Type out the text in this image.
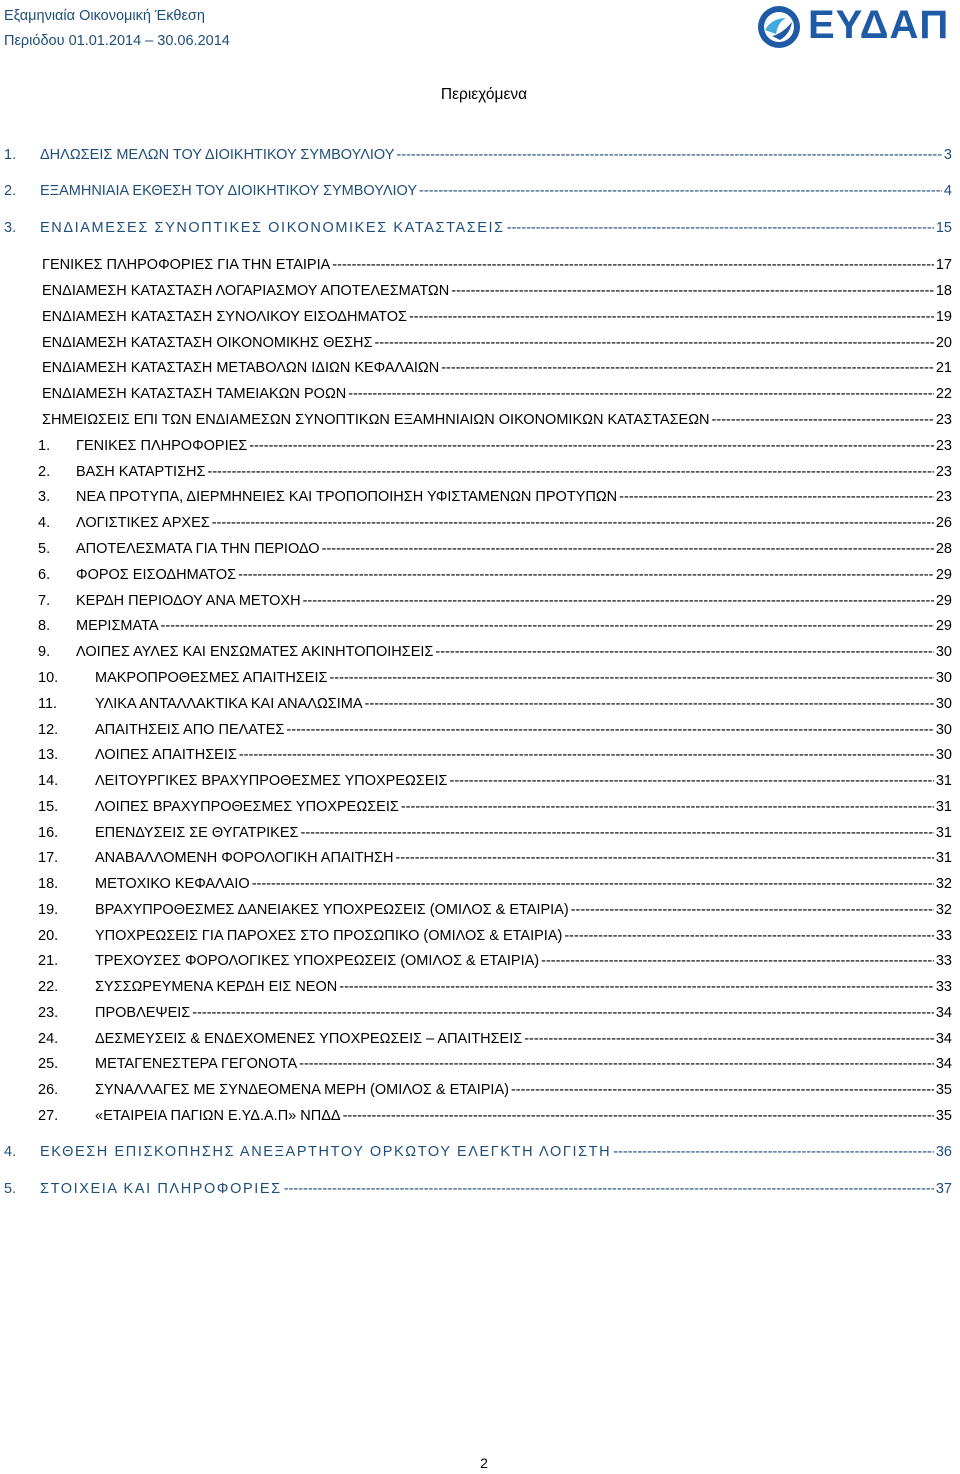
Εξαμηνιαία Οικονομική Έκθεση
Περιόδου 01.01.2014 – 30.06.2014	ΕΥΔΑΠ
Περιεχόμενα
1.	ΔΗΛΩΣΕΙΣ ΜΕΛΩΝ ΤΟΥ ΔΙΟΙΚΗΤΙΚΟΥ ΣΥΜΒΟΥΛΙΟΥ -----	3
2.	ΕΞΑΜΗΝΙΑΙΑ ΕΚΘΕΣΗ ΤΟΥ ΔΙΟΙΚΗΤΙΚΟΥ ΣΥΜΒΟΥΛΙΟΥ -----	4
3.	ΕΝΔΙΑΜΕΣΕΣ ΣΥΝΟΠΤΙΚΕΣ ΟΙΚΟΝΟΜΙΚΕΣ ΚΑΤΑΣΤΑΣΕΙΣ -----	15
ΓΕΝΙΚΕΣ ΠΛΗΡΟΦΟΡΙΕΣ ΓΙΑ ΤΗΝ ΕΤΑΙΡΙΑ -----	17
ΕΝΔΙΑΜΕΣΗ ΚΑΤΑΣΤΑΣΗ ΛΟΓΑΡΙΑΣΜΟΥ ΑΠΟΤΕΛΕΣΜΑΤΩΝ -----	18
ΕΝΔΙΑΜΕΣΗ ΚΑΤΑΣΤΑΣΗ ΣΥΝΟΛΙΚΟΥ ΕΙΣΟΔΗΜΑΤΟΣ -----	19
ΕΝΔΙΑΜΕΣΗ ΚΑΤΑΣΤΑΣΗ ΟΙΚΟΝΟΜΙΚΗΣ ΘΕΣΗΣ -----	20
ΕΝΔΙΑΜΕΣΗ ΚΑΤΑΣΤΑΣΗ ΜΕΤΑΒΟΛΩΝ ΙΔΙΩΝ ΚΕΦΑΛΑΙΩΝ -----	21
ΕΝΔΙΑΜΕΣΗ ΚΑΤΑΣΤΑΣΗ ΤΑΜΕΙΑΚΩΝ ΡΟΩΝ -----	22
ΣΗΜΕΙΩΣΕΙΣ ΕΠΙ ΤΩΝ ΕΝΔΙΑΜΕΣΩΝ ΣΥΝΟΠΤΙΚΩΝ ΕΞΑΜΗΝΙΑΙΩΝ ΟΙΚΟΝΟΜΙΚΩΝ ΚΑΤΑΣΤΑΣΕΩΝ -----	23
1.	ΓΕΝΙΚΕΣ ΠΛΗΡΟΦΟΡΙΕΣ -----	23
2.	ΒΑΣΗ ΚΑΤΑΡΤΙΣΗΣ -----	23
3.	ΝΕΑ ΠΡΟΤΥΠΑ, ΔΙΕΡΜΗΝΕΙΕΣ ΚΑΙ ΤΡΟΠΟΠΟΙΗΣΗ ΥΦΙΣΤΑΜΕΝΩΝ ΠΡΟΤΥΠΩΝ -----	23
4.	ΛΟΓΙΣΤΙΚΕΣ ΑΡΧΕΣ -----	26
5.	ΑΠΟΤΕΛΕΣΜΑΤΑ ΓΙΑ ΤΗΝ ΠΕΡΙΟΔΟ -----	28
6.	ΦΟΡΟΣ ΕΙΣΟΔΗΜΑΤΟΣ -----	29
7.	ΚΕΡΔΗ ΠΕΡΙΟΔΟΥ ΑΝΑ ΜΕΤΟΧΗ -----	29
8.	ΜΕΡΙΣΜΑΤΑ -----	29
9.	ΛΟΙΠΕΣ ΑΥΛΕΣ ΚΑΙ ΕΝΣΩΜΑΤΕΣ ΑΚΙΝΗΤΟΠΟΙΗΣΕΙΣ -----	30
10.	ΜΑΚΡΟΠΡΟΘΕΣΜΕΣ ΑΠΑΙΤΗΣΕΙΣ -----	30
11.	ΥΛΙΚΑ ΑΝΤΑΛΛΑΚΤΙΚΑ ΚΑΙ ΑΝΑΛΩΣΙΜΑ -----	30
12.	ΑΠΑΙΤΗΣΕΙΣ ΑΠΟ ΠΕΛΑΤΕΣ -----	30
13.	ΛΟΙΠΕΣ ΑΠΑΙΤΗΣΕΙΣ -----	30
14.	ΛΕΙΤΟΥΡΓΙΚΕΣ ΒΡΑΧΥΠΡΟΘΕΣΜΕΣ ΥΠΟΧΡΕΩΣΕΙΣ -----	31
15.	ΛΟΙΠΕΣ ΒΡΑΧΥΠΡΟΘΕΣΜΕΣ ΥΠΟΧΡΕΩΣΕΙΣ -----	31
16.	ΕΠΕΝΔΥΣΕΙΣ ΣΕ ΘΥΓΑΤΡΙΚΕΣ -----	31
17.	ΑΝΑΒΑΛΛΟΜΕΝΗ ΦΟΡΟΛΟΓΙΚΗ ΑΠΑΙΤΗΣΗ -----	31
18.	ΜΕΤΟΧΙΚΟ ΚΕΦΑΛΑΙΟ -----	32
19.	ΒΡΑΧΥΠΡΟΘΕΣΜΕΣ ΔΑΝΕΙΑΚΕΣ ΥΠΟΧΡΕΩΣΕΙΣ (ΟΜΙΛΟΣ & ΕΤΑΙΡΙΑ) -----	32
20.	ΥΠΟΧΡΕΩΣΕΙΣ ΓΙΑ ΠΑΡΟΧΕΣ ΣΤΟ ΠΡΟΣΩΠΙΚΟ (ΟΜΙΛΟΣ & ΕΤΑΙΡΙΑ) -----	33
21.	ΤΡΕΧΟΥΣΕΣ ΦΟΡΟΛΟΓΙΚΕΣ ΥΠΟΧΡΕΩΣΕΙΣ (ΟΜΙΛΟΣ & ΕΤΑΙΡΙΑ) -----	33
22.	ΣΥΣΣΩΡΕΥΜΕΝΑ ΚΕΡΔΗ ΕΙΣ ΝΕΟΝ -----	33
23.	ΠΡΟΒΛΕΨΕΙΣ -----	34
24.	ΔΕΣΜΕΥΣΕΙΣ & ΕΝΔΕΧΟΜΕΝΕΣ ΥΠΟΧΡΕΩΣΕΙΣ – ΑΠΑΙΤΗΣΕΙΣ -----	34
25.	ΜΕΤΑΓΕΝΕΣΤΕΡΑ ΓΕΓΟΝΟΤΑ -----	34
26.	ΣΥΝΑΛΛΑΓΕΣ ΜΕ ΣΥΝΔΕΟΜΕΝΑ ΜΕΡΗ (ΟΜΙΛΟΣ & ΕΤΑΙΡΙΑ) -----	35
27.	«ΕΤΑΙΡΕΙΑ ΠΑΓΙΩΝ Ε.ΥΔ.Α.Π» ΝΠΔΔ -----	35
4.	ΕΚΘΕΣΗ ΕΠΙΣΚΟΠΗΣΗΣ ΑΝΕΞΑΡΤΗΤΟΥ ΟΡΚΩΤΟΥ ΕΛΕΓΚΤΗ ΛΟΓΙΣΤΗ -----	36
5.	ΣΤΟΙΧΕΙΑ ΚΑΙ ΠΛΗΡΟΦΟΡΙΕΣ -----	37
2
